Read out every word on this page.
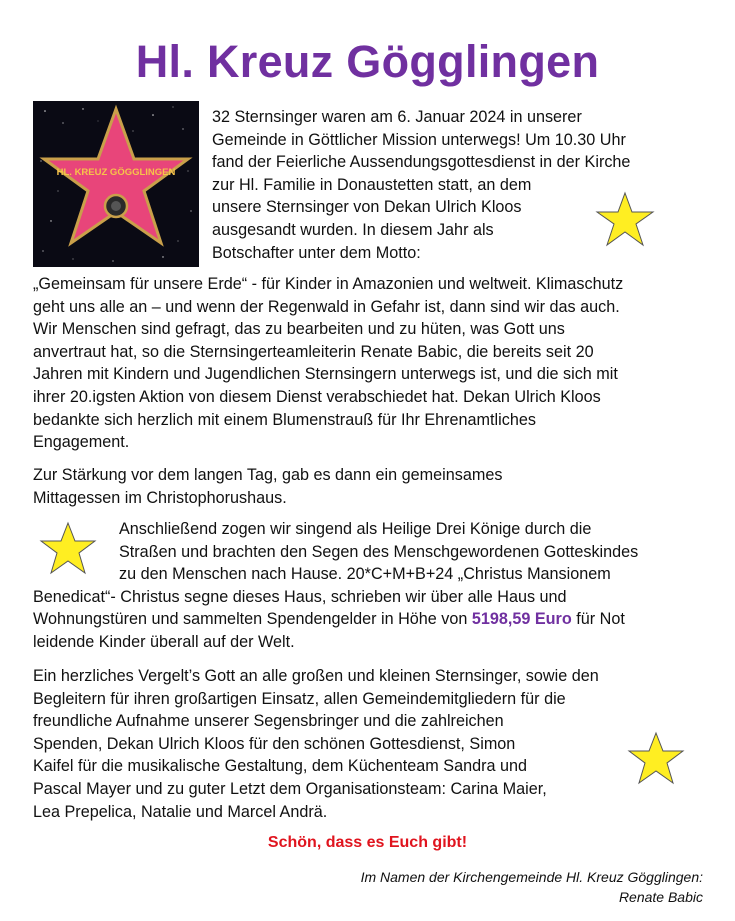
Hl. Kreuz Gögglingen
HL. KREUZ GÖGGLINGEN
32 Sternsinger waren am 6. Januar 2024 in unserer
Gemeinde in Göttlicher Mission unterwegs! Um 10.30 Uhr
fand der Feierliche Aussendungsgottesdienst in der Kirche
zur Hl. Familie in Donaustetten statt, an dem
unsere Sternsinger von Dekan Ulrich Kloos
ausgesandt wurden. In diesem Jahr als
Botschafter unter dem Motto:
„Gemeinsam für unsere Erde“ - für Kinder in Amazonien und weltweit. Klimaschutz
geht uns alle an – und wenn der Regenwald in Gefahr ist, dann sind wir das auch.
Wir Menschen sind gefragt, das zu bearbeiten und zu hüten, was Gott uns
anvertraut hat, so die Sternsingerteamleiterin Renate Babic, die bereits seit 20
Jahren mit Kindern und Jugendlichen Sternsingern unterwegs ist, und die sich mit
ihrer 20.igsten Aktion von diesem Dienst verabschiedet hat. Dekan Ulrich Kloos
bedankte sich herzlich mit einem Blumenstrauß für Ihr Ehrenamtliches
Engagement.
Zur Stärkung vor dem langen Tag, gab es dann ein gemeinsames
Mittagessen im Christophorushaus.
Anschließend zogen wir singend als Heilige Drei Könige durch die
Straßen und brachten den Segen des Menschgewordenen Gotteskindes
zu den Menschen nach Hause. 20*C+M+B+24 „Christus Mansionem
Benedicat“- Christus segne dieses Haus, schrieben wir über alle Haus und
Wohnungstüren und sammelten Spendengelder in Höhe von 5198,59 Euro für Not
leidende Kinder überall auf der Welt.
Ein herzliches Vergelt’s Gott an alle großen und kleinen Sternsinger, sowie den
Begleitern für ihren großartigen Einsatz, allen Gemeindemitgliedern für die
freundliche Aufnahme unserer Segensbringer und die zahlreichen
Spenden, Dekan Ulrich Kloos für den schönen Gottesdienst, Simon
Kaifel für die musikalische Gestaltung, dem Küchenteam Sandra und
Pascal Mayer und zu guter Letzt dem Organisationsteam: Carina Maier,
Lea Prepelica, Natalie und Marcel Andrä.
Schön, dass es Euch gibt!
Im Namen der Kirchengemeinde Hl. Kreuz Gögglingen:
Renate Babic
